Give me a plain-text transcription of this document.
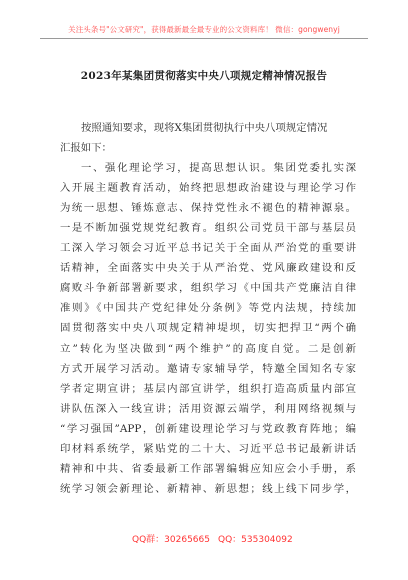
关注头条号"公文研究"，获得最新最全最专业的公文资料库！ 微信：gongwenyj
2023年某集团贯彻落实中央八项规定精神情况报告
按照通知要求，现将X集团贯彻执行中央八项规定情况
汇报如下：
一、强化理论学习，提高思想认识。集团党委扎实深
入开展主题教育活动，始终把思想政治建设与理论学习作
为统一思想、锤炼意志、保持党性永不褪色的精神源泉。
一是不断加强党规党纪教育。组织公司党员干部与基层员
工深入学习领会习近平总书记关于全面从严治党的重要讲
话精神，全面落实中央关于从严治党、党风廉政建设和反
腐败斗争新部署新要求，组织学习《中国共产党廉洁自律
准则》《中国共产党纪律处分条例》等党内法规，持续加
固贯彻落实中央八项规定精神堤坝，切实把捍卫“两个确
立”转化为坚决做到“两个维护”的高度自觉。二是创新
方式开展学习活动。邀请专家辅导学，特邀全国知名专家
学者定期宣讲；基层内部宣讲学，组织打造高质量内部宣
讲队伍深入一线宣讲；活用资源云端学，利用网络视频与
“学习强国”APP，创新建设理论学习与党政教育阵地；编
印材料系统学，紧贴党的二十大、习近平总书记最新讲话
精神和中共、省委最新工作部署编辑应知应会小手册，系
统学习领会新理论、新精神、新思想；线上线下同步学，
QQ群：30265665 QQ：535304092
